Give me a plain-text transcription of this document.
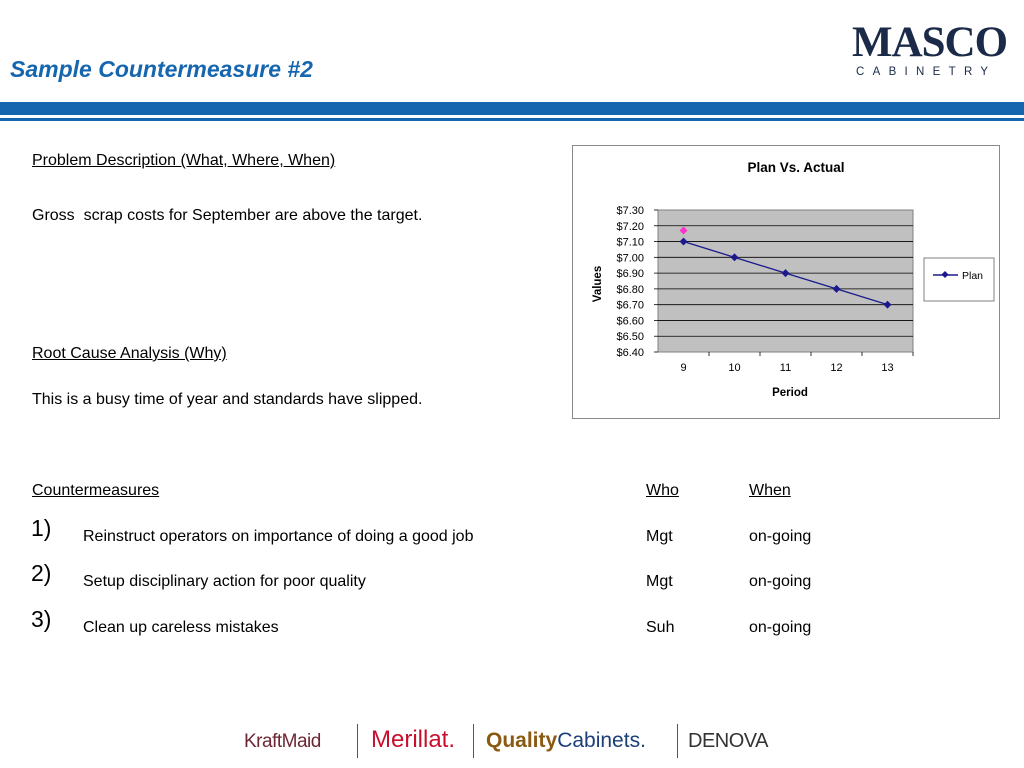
Sample Countermeasure #2
MASCO
CABINETRY
Problem Description (What, Where, When)
Gross  scrap costs for September are above the target.
Root Cause Analysis (Why)
This is a busy time of year and standards have slipped.
Countermeasures	Who	When
1) Reinstruct operators on importance of doing a good job	Mgt	on-going
2) Setup disciplinary action for poor quality	Mgt	on-going
3) Clean up careless mistakes	Suh	on-going
Plan Vs. Actual
$7.30
$7.20
$7.10
$7.00
$6.90
$6.80
$6.70
$6.60
$6.50
$6.40
9	10	11	12	13
Values
Period
Plan
KraftMaid Merillat. QualityCabinets. DENOVA
